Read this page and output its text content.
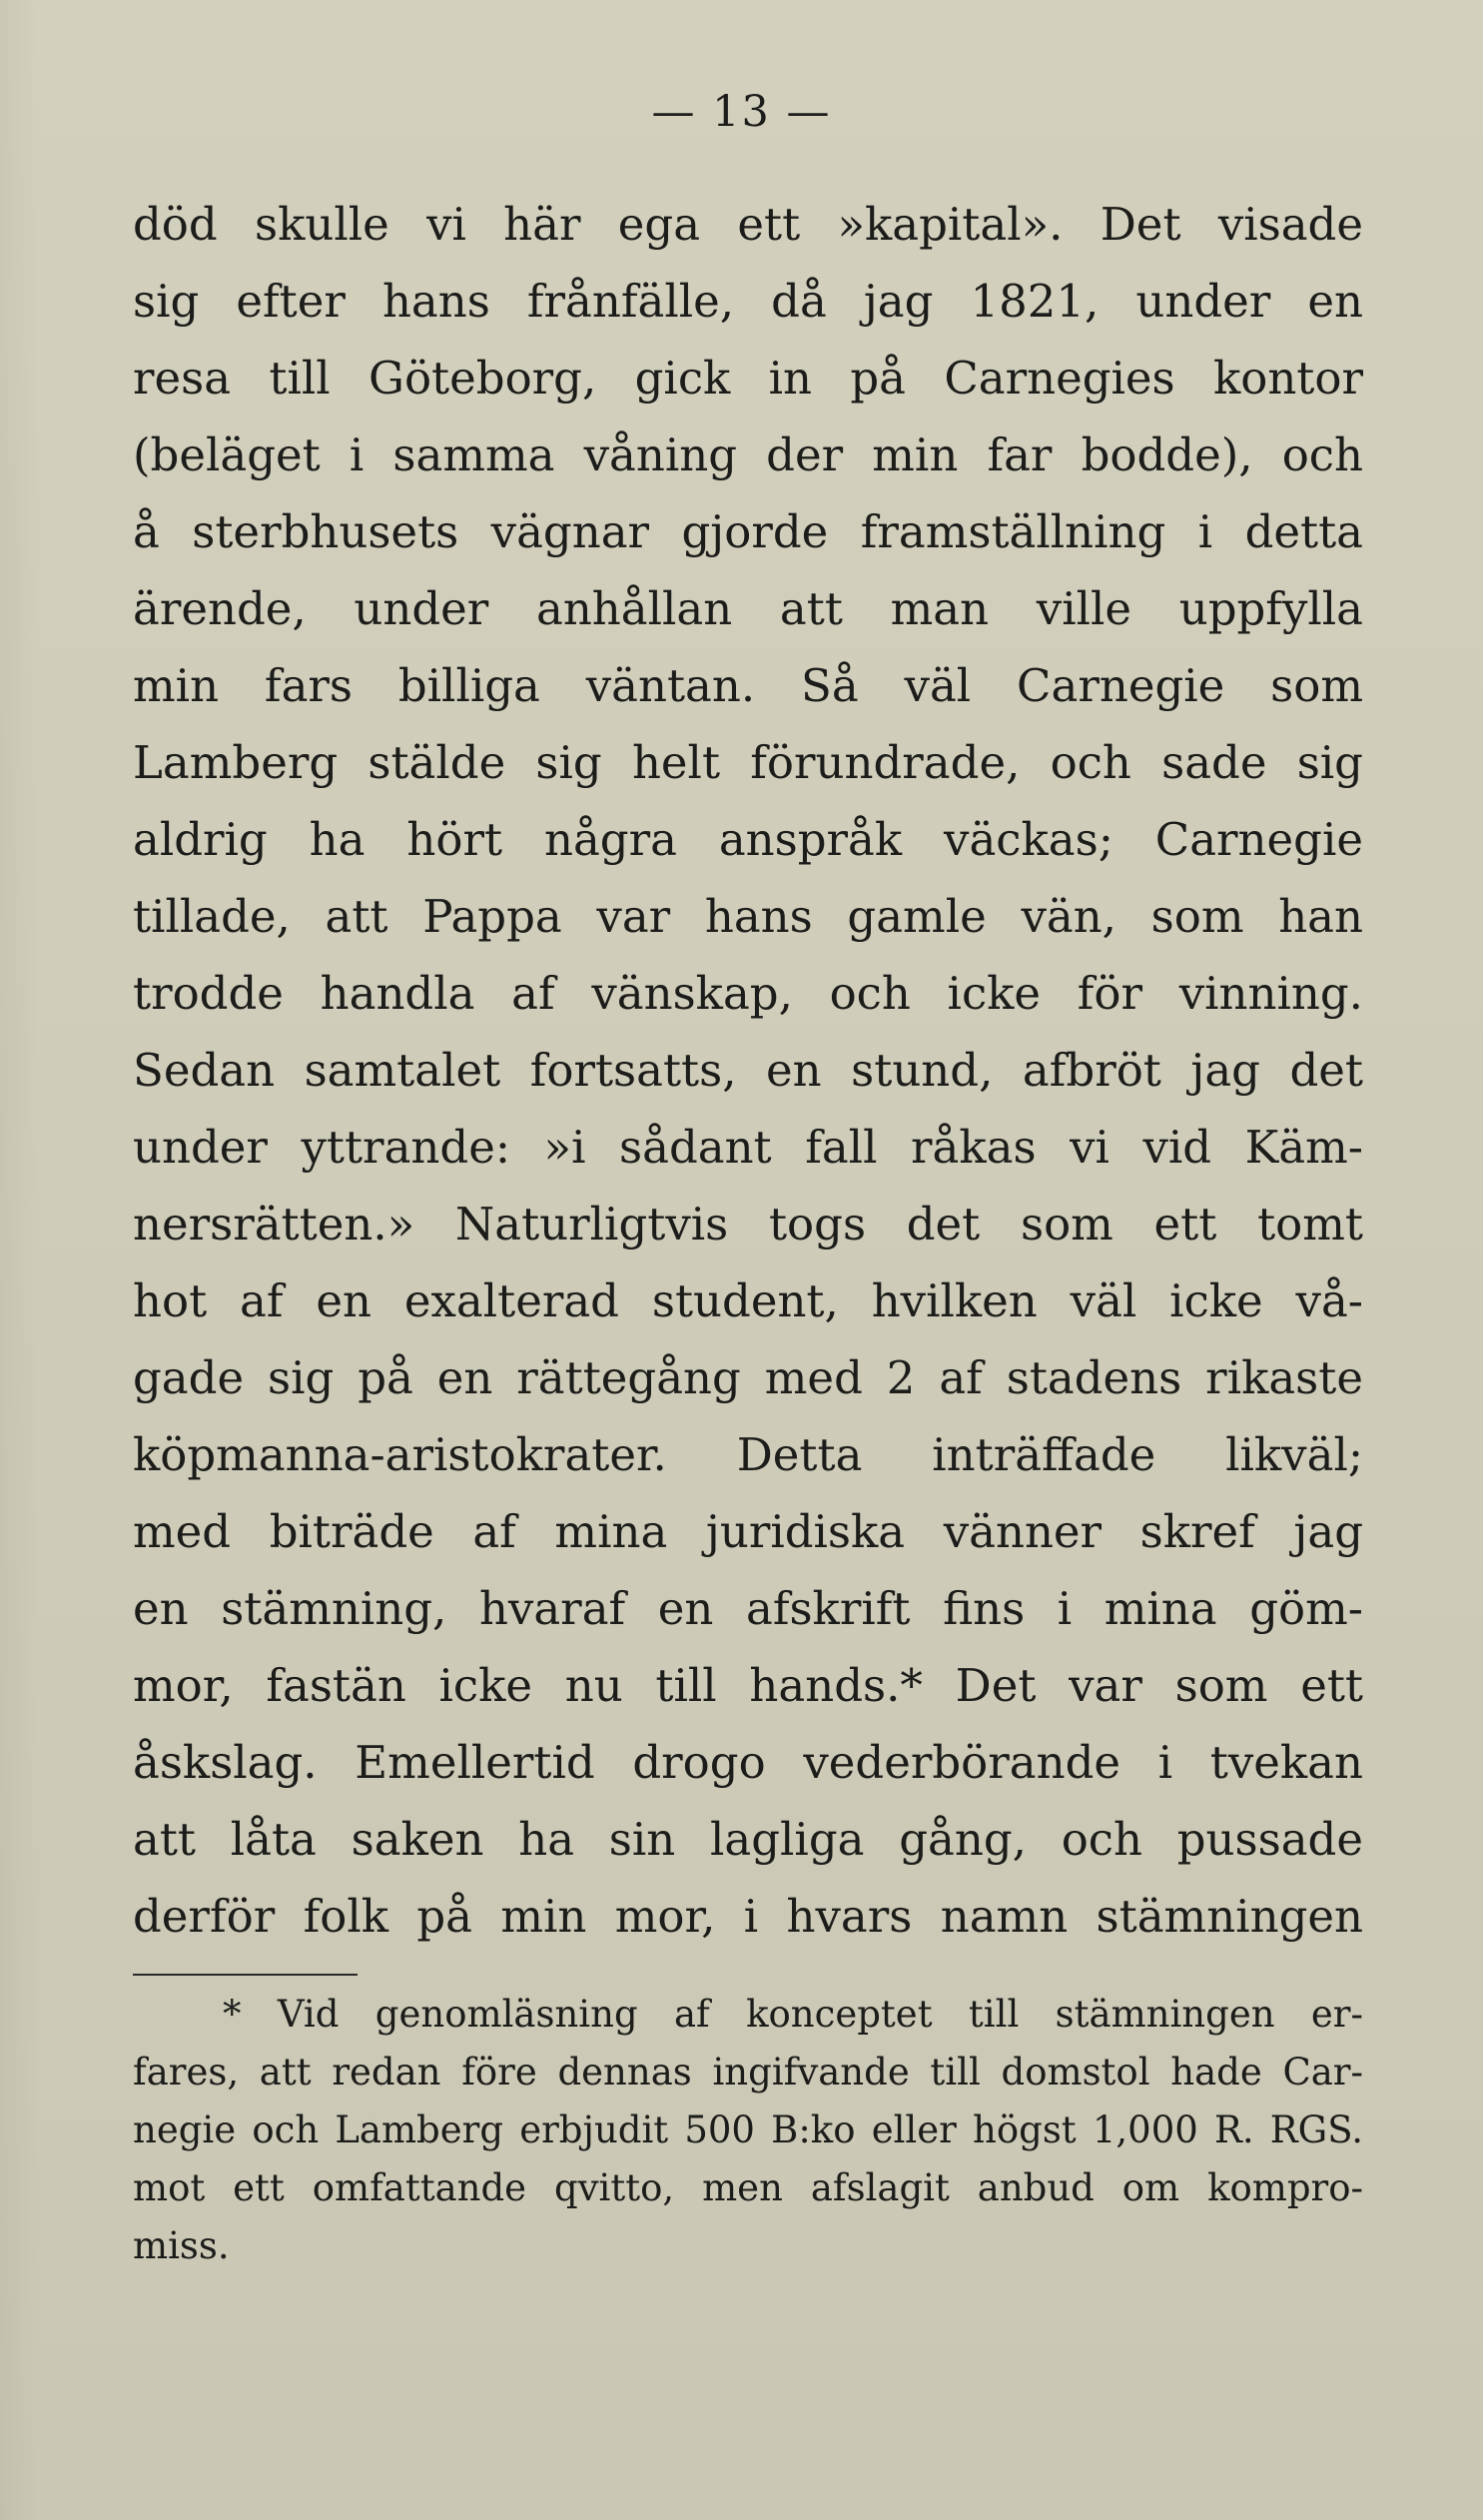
— 13 —
död skulle vi här ega ett »kapital». Det visade
sig efter hans frånfälle, då jag 1821, under en
resa till Göteborg, gick in på Carnegies kontor
(beläget i samma våning der min far bodde), och
å sterbhusets vägnar gjorde framställning i detta
ärende, under anhållan att man ville uppfylla
min fars billiga väntan. Så väl Carnegie som
Lamberg stälde sig helt förundrade, och sade sig
aldrig ha hört några anspråk väckas; Carnegie
tillade, att Pappa var hans gamle vän, som han
trodde handla af vänskap, och icke för vinning.
Sedan samtalet fortsatts, en stund, afbröt jag det
under yttrande: »i sådant fall råkas vi vid Käm-
nersrätten.» Naturligtvis togs det som ett tomt
hot af en exalterad student, hvilken väl icke vå-
gade sig på en rättegång med 2 af stadens rikaste
köpmanna-aristokrater. Detta inträffade likväl;
med biträde af mina juridiska vänner skref jag
en stämning, hvaraf en afskrift fins i mina göm-
mor, fastän icke nu till hands.* Det var som ett
åskslag. Emellertid drogo vederbörande i tvekan
att låta saken ha sin lagliga gång, och pussade
derför folk på min mor, i hvars namn stämningen
* Vid genomläsning af konceptet till stämningen er-
fares, att redan före dennas ingifvande till domstol hade Car-
negie och Lamberg erbjudit 500 B:ko eller högst 1,000 R. RGS.
mot ett omfattande qvitto, men afslagit anbud om kompro-
miss.
